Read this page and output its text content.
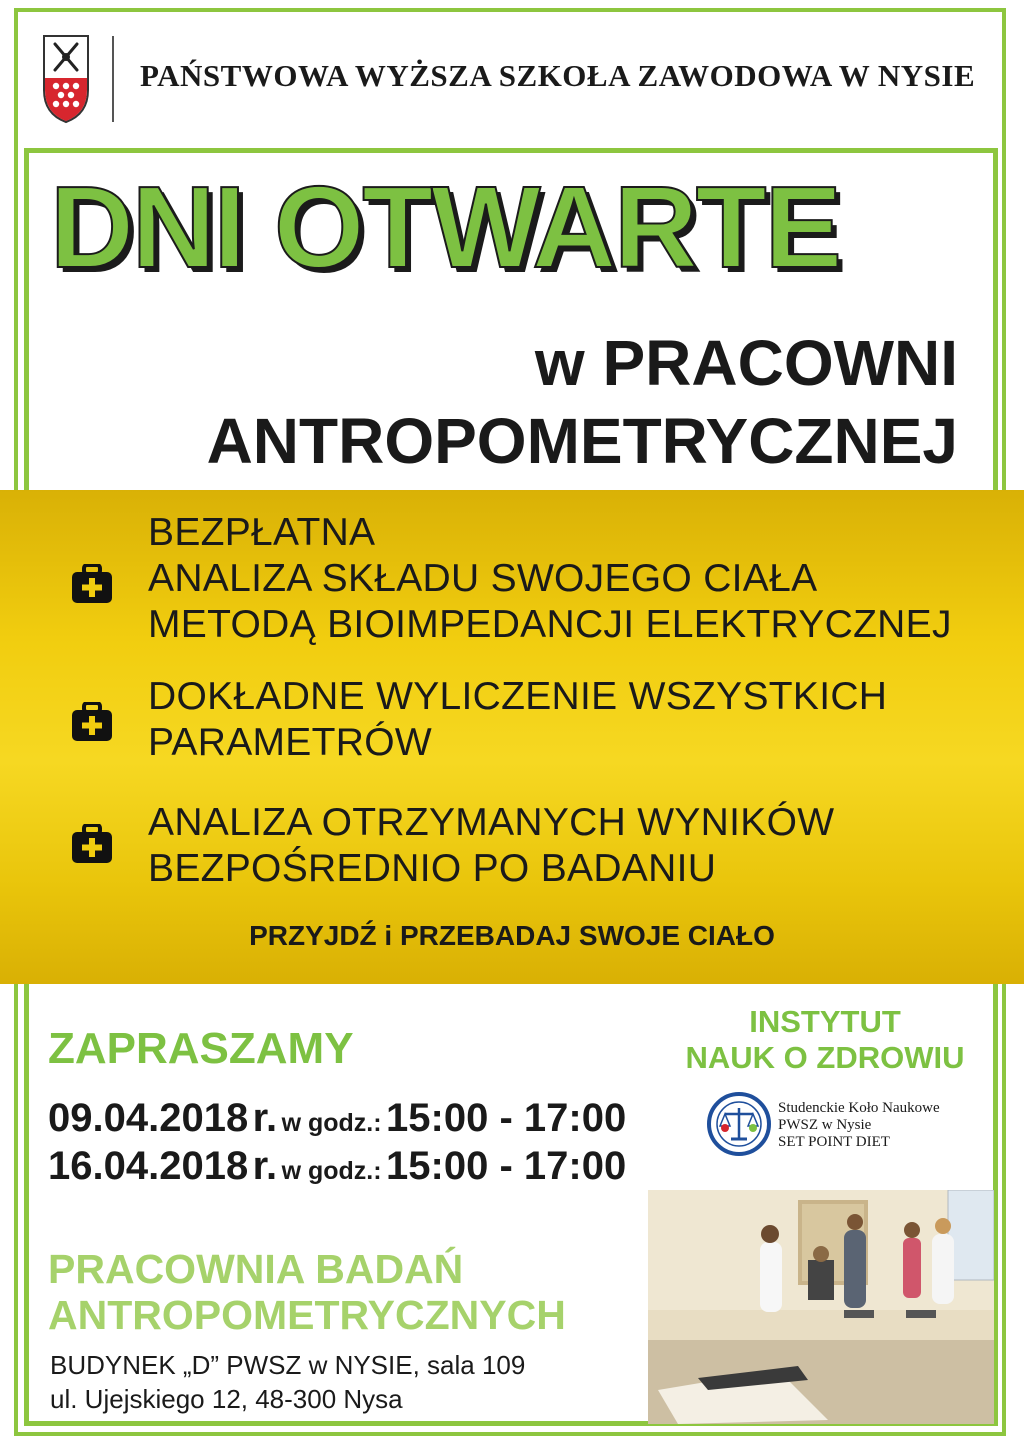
PAŃSTWOWA WYŻSZA SZKOŁA ZAWODOWA W NYSIE
DNI OTWARTE
w PRACOWNI
ANTROPOMETRYCZNEJ
BEZPŁATNA
ANALIZA SKŁADU SWOJEGO CIAŁA
METODĄ BIOIMPEDANCJI ELEKTRYCZNEJ
DOKŁADNE WYLICZENIE WSZYSTKICH
PARAMETRÓW
ANALIZA OTRZYMANYCH WYNIKÓW
BEZPOŚREDNIO PO BADANIU
PRZYJDŹ i PRZEBADAJ SWOJE CIAŁO
ZAPRASZAMY
INSTYTUT
NAUK O ZDROWIU
09.04.2018 r. w godz.: 15:00 - 17:00
16.04.2018 r. w godz.: 15:00 - 17:00
Studenckie Koło Naukowe
PWSZ w Nysie
SET POINT DIET
PRACOWNIA BADAŃ
ANTROPOMETRYCZNYCH
BUDYNEK „D” PWSZ w NYSIE, sala 109
ul. Ujejskiego 12, 48-300 Nysa
